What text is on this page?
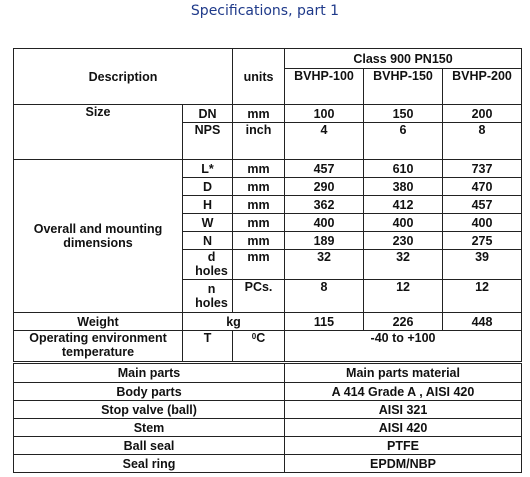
Specifications, part 1
Description		units	Class 900 PN150		
			BVHP-100	BVHP-150	BVHP-200
Size	DN	mm	100	150	200
	NPS	inch	4	6	8
Overall and mounting dimensions	L*	mm	457	610	737
	D	mm	290	380	470
	H	mm	362	412	457
	W	mm	400	400	400
	N	mm	189	230	275
	d holes	mm	32	32	39
	n holes	PCs.	8	12	12
Weight	kg		115	226	448
Operating environment temperature	T	$^0$C	-40 to +100		
Main parts			Main parts material		
Body parts			A 414 Grade A , AISI 420		
Stop valve (ball)			AISI 321		
Stem			AISI 420		
Ball seal			PTFE		
Seal ring			EPDM/NBP		
